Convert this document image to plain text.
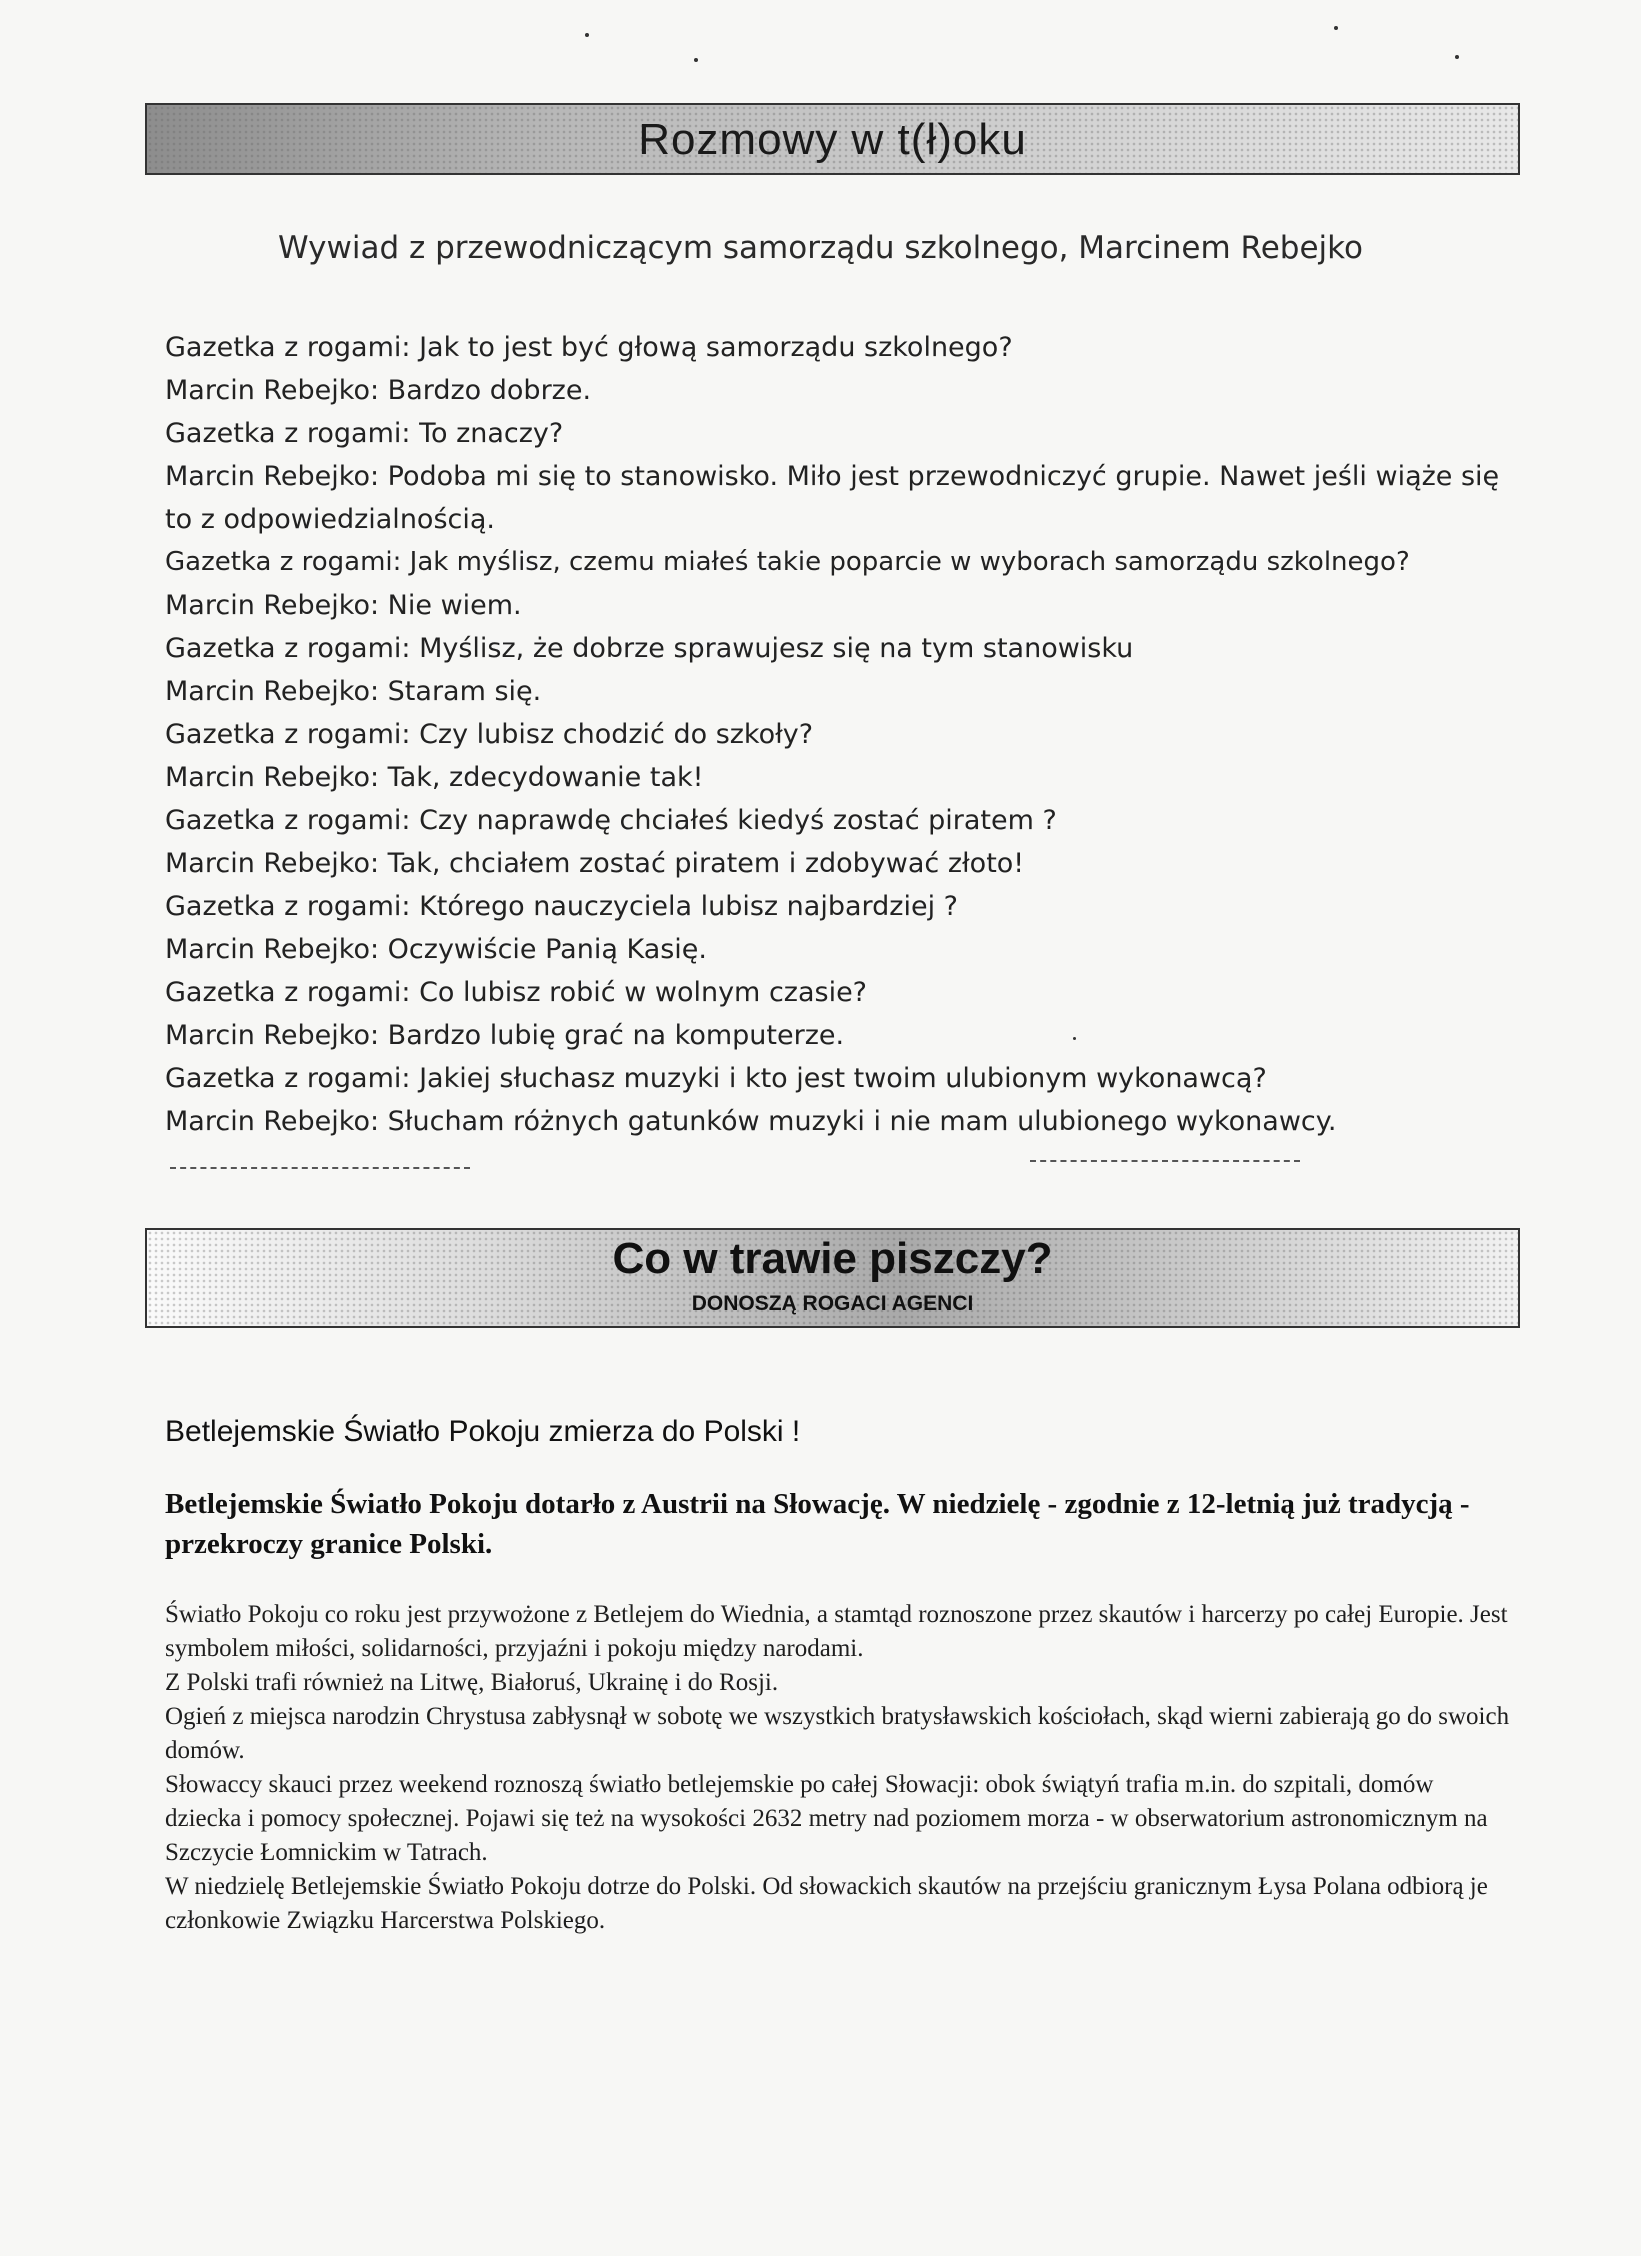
Rozmowy w t(ł)oku
Wywiad z przewodniczącym samorządu szkolnego, Marcinem Rebejko
Gazetka z rogami: Jak to jest być głową samorządu szkolnego?
Marcin Rebejko: Bardzo dobrze.
Gazetka z rogami: To znaczy?
Marcin Rebejko: Podoba mi się to stanowisko. Miło jest przewodniczyć grupie. Nawet jeśli wiąże się to z odpowiedzialnością.
Gazetka z rogami: Jak myślisz, czemu miałeś takie poparcie w wyborach samorządu szkolnego?
Marcin Rebejko: Nie wiem.
Gazetka z rogami: Myślisz, że dobrze sprawujesz się na tym stanowisku
Marcin Rebejko: Staram się.
Gazetka z rogami: Czy lubisz chodzić do szkoły?
Marcin Rebejko: Tak, zdecydowanie tak!
Gazetka z rogami: Czy naprawdę chciałeś kiedyś zostać piratem ?
Marcin Rebejko: Tak, chciałem zostać piratem i zdobywać złoto!
Gazetka z rogami: Którego nauczyciela lubisz najbardziej ?
Marcin Rebejko: Oczywiście Panią Kasię.
Gazetka z rogami: Co lubisz robić w wolnym czasie?
Marcin Rebejko: Bardzo lubię grać na komputerze.
Gazetka z rogami: Jakiej słuchasz muzyki i kto jest twoim ulubionym wykonawcą?
Marcin Rebejko: Słucham różnych gatunków muzyki i nie mam ulubionego wykonawcy.
Co w trawie piszczy?
DONOSZĄ ROGACI AGENCI
Betlejemskie Światło Pokoju zmierza do Polski !
Betlejemskie Światło Pokoju dotarło z Austrii na Słowację. W niedzielę - zgodnie z 12-letnią już tradycją - przekroczy granice Polski.

Światło Pokoju co roku jest przywożone z Betlejem do Wiednia, a stamtąd roznoszone przez skautów i harcerzy po całej Europie. Jest symbolem miłości, solidarności, przyjaźni i pokoju między narodami.

Z Polski trafi również na Litwę, Białoruś, Ukrainę i do Rosji.

Ogień z miejsca narodzin Chrystusa zabłysnął w sobotę we wszystkich bratysławskich kościołach, skąd wierni zabierają go do swoich domów.

Słowaccy skauci przez weekend roznoszą światło betlejemskie po całej Słowacji: obok świątyń trafia m.in. do szpitali, domów dziecka i pomocy społecznej. Pojawi się też na wysokości 2632 metry nad poziomem morza - w obserwatorium astronomicznym na Szczycie Łomnickim w Tatrach.

W niedzielę Betlejemskie Światło Pokoju dotrze do Polski. Od słowackich skautów na przejściu granicznym Łysa Polana odbiorą je członkowie Związku Harcerstwa Polskiego.
